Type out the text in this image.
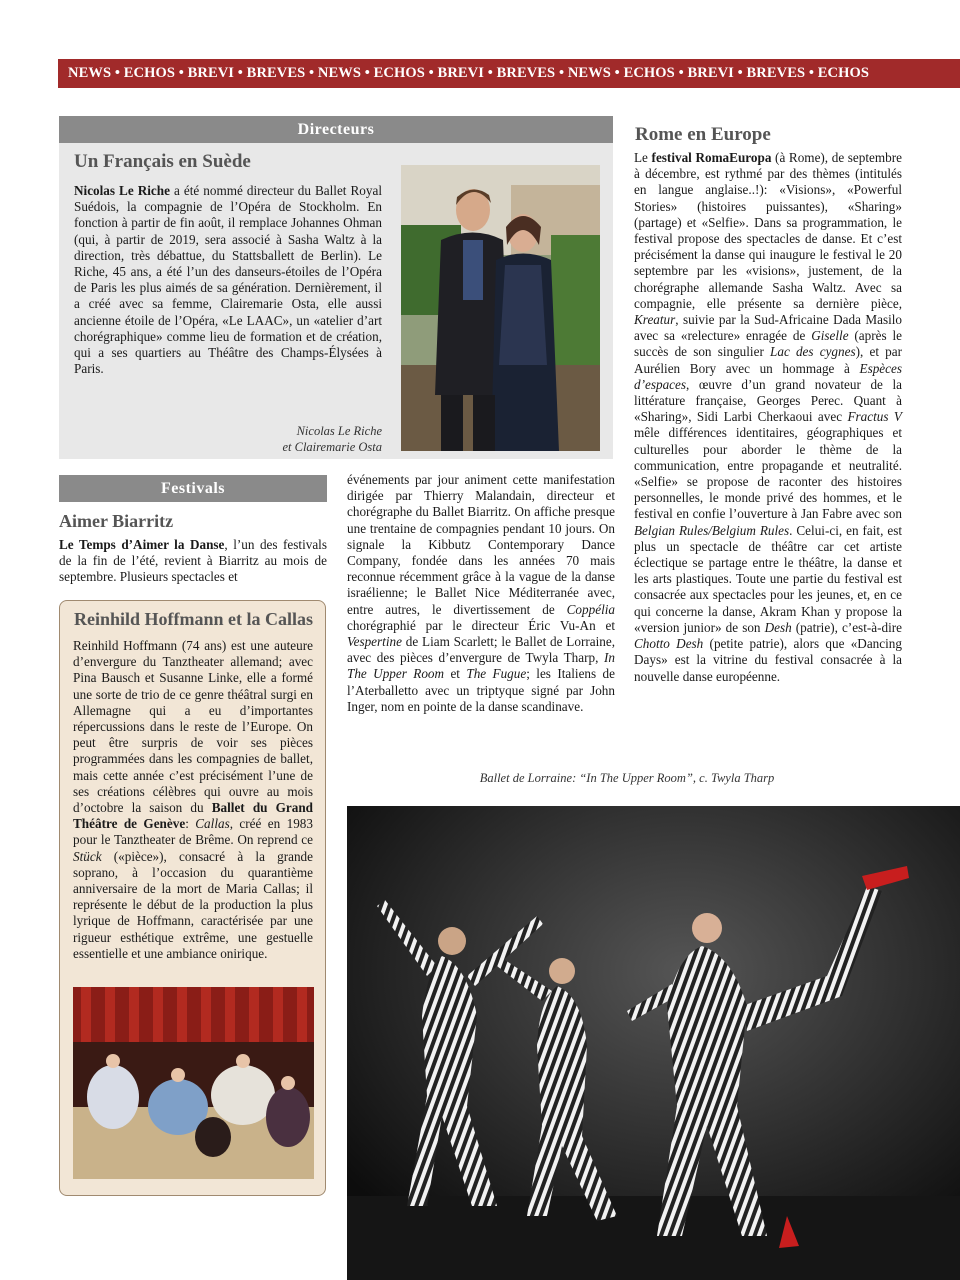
NEWS • ECHOS • BREVI • BREVES • NEWS • ECHOS • BREVI • BREVES • NEWS • ECHOS • BREVI • BREVES • ECHOS
Directeurs
Un Français en Suède

Nicolas Le Riche a été nommé directeur du Ballet Royal Suédois, la compagnie de l’Opéra de Stockholm. En fonction à partir de fin août, il remplace Johannes Ohman (qui, à partir de 2019, sera associé à Sasha Waltz à la direction, très débattue, du Stattsballett de Berlin). Le Riche, 45 ans, a été l’un des danseurs-étoiles de l’Opéra de Paris les plus aimés de sa génération. Dernièrement, il a créé avec sa femme, Clairemarie Osta, elle aussi ancienne étoile de l’Opéra, «Le LAAC», un «atelier d’art chorégraphique» comme lieu de formation et de création, qui a ses quartiers au Théâtre des Champs-Élysées à Paris.

Nicolas Le Riche
et Clairemarie Osta
Rome en Europe

Le festival RomaEuropa (à Rome), de septembre à décembre, est rythmé par des thèmes (intitulés en langue anglaise..!): «Visions», «Powerful Stories» (histoires puissantes), «Sharing» (partage) et «Selfie». Dans sa programmation, le festival propose des spectacles de danse. Et c’est précisément la danse qui inaugure le festival le 20 septembre par les «visions», justement, de la chorégraphe allemande Sasha Waltz. Avec sa compagnie, elle présente sa dernière pièce, Kreatur, suivie par la Sud-Africaine Dada Masilo avec sa «relecture» enragée de Giselle (après le succès de son singulier Lac des cygnes), et par Aurélien Bory avec un hommage à Espèces d’espaces, œuvre d’un grand novateur de la littérature française, Georges Perec. Quant à «Sharing», Sidi Larbi Cherkaoui avec Fractus V mêle différences identitaires, géographiques et culturelles pour aborder le thème de la communication, entre propagande et neutralité. «Selfie» se propose de raconter des histoires personnelles, le monde privé des hommes, et le festival en confie l’ouverture à Jan Fabre avec son Belgian Rules/Belgium Rules. Celui-ci, en fait, est plus un spectacle de théâtre car cet artiste éclectique se partage entre le théâtre, la danse et les arts plastiques. Toute une partie du festival est consacrée aux spectacles pour les jeunes, et, en ce qui concerne la danse, Akram Khan y propose la «version junior» de son Desh (patrie), c’est-à-dire Chotto Desh (petite patrie), alors que «Dancing Days» est la vitrine du festival consacrée à la nouvelle danse européenne.

Festivals
Aimer Biarritz

Le Temps d’Aimer la Danse, l’un des festivals de la fin de l’été, revient à Biarritz au mois de septembre. Plusieurs spectacles et

événements par jour animent cette manifestation dirigée par Thierry Malandain, directeur et chorégraphe du Ballet Biarritz. On affiche presque une trentaine de compagnies pendant 10 jours. On signale la Kibbutz Contemporary Dance Company, fondée dans les années 70 mais reconnue récemment grâce à la vague de la danse israélienne; le Ballet Nice Méditerranée avec, entre autres, le divertissement de Coppélia chorégraphié par le directeur Éric Vu-An et Vespertine de Liam Scarlett; le Ballet de Lorraine, avec des pièces d’envergure de Twyla Tharp, In The Upper Room et The Fugue; les Italiens de l’Aterballetto avec un triptyque signé par John Inger, nom en pointe de la danse scandinave.

Reinhild Hoffmann et la Callas

Reinhild Hoffmann (74 ans) est une auteure d’envergure du Tanztheater allemand; avec Pina Bausch et Susanne Linke, elle a formé une sorte de trio de ce genre théâtral surgi en Allemagne qui a eu d’importantes répercussions dans le reste de l’Europe. On peut être surpris de voir ses pièces programmées dans les compagnies de ballet, mais cette année c’est précisément l’une de ses créations célèbres qui ouvre au mois d’octobre la saison du Ballet du Grand Théâtre de Genève: Callas, créé en 1983 pour le Tanztheater de Brême. On reprend ce Stück («pièce»), consacré à la grande soprano, à l’occasion du quarantième anniversaire de la mort de Maria Callas; il représente le début de la production la plus lyrique de Hoffmann, caractérisée par une rigueur esthétique extrême, une gestuelle essentielle et une ambiance onirique.

Ballet de Lorraine: “In The Upper Room”, c. Twyla Tharp
